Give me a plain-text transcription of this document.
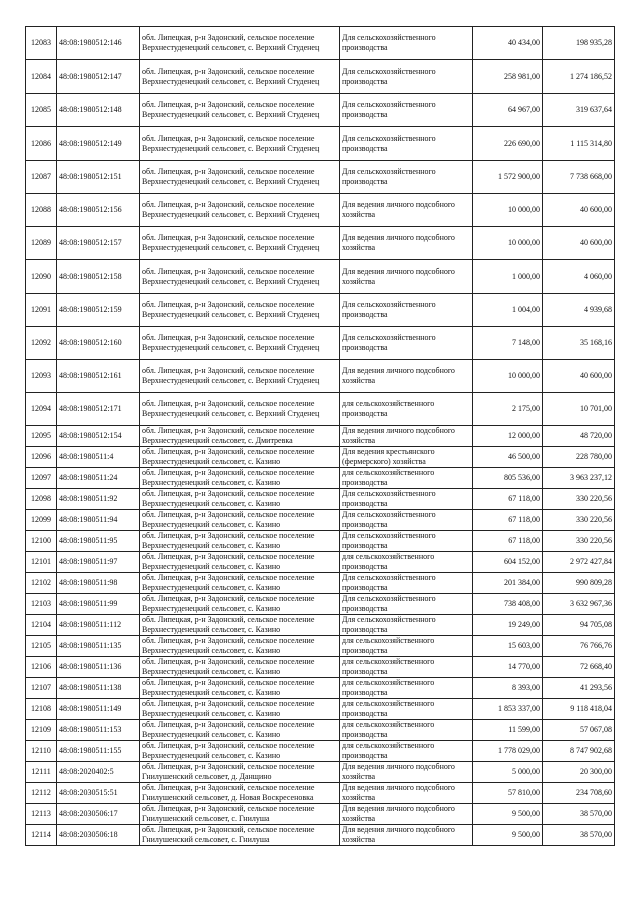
12083	48:08:1980512:146	обл. Липецкая, р-н Задонский, сельское поселение
Верхнестуденецкий сельсовет, с. Верхний Студенец	Для сельскохозяйственного
производства	40 434,00	198 935,28
12084	48:08:1980512:147	обл. Липецкая, р-н Задонский, сельское поселение
Верхнестуденецкий сельсовет, с. Верхний Студенец	Для сельскохозяйственного
производства	258 981,00	1 274 186,52
12085	48:08:1980512:148	обл. Липецкая, р-н Задонский, сельское поселение
Верхнестуденецкий сельсовет, с. Верхний Студенец	Для сельскохозяйственного
производства	64 967,00	319 637,64
12086	48:08:1980512:149	обл. Липецкая, р-н Задонский, сельское поселение
Верхнестуденецкий сельсовет, с. Верхний Студенец	Для сельскохозяйственного
производства	226 690,00	1 115 314,80
12087	48:08:1980512:151	обл. Липецкая, р-н Задонский, сельское поселение
Верхнестуденецкий сельсовет, с. Верхний Студенец	Для сельскохозяйственного
производства	1 572 900,00	7 738 668,00
12088	48:08:1980512:156	обл. Липецкая, р-н Задонский, сельское поселение
Верхнестуденецкий сельсовет, с. Верхний Студенец	Для ведения личного подсобного
хозяйства	10 000,00	40 600,00
12089	48:08:1980512:157	обл. Липецкая, р-н Задонский, сельское поселение
Верхнестуденецкий сельсовет, с. Верхний Студенец	Для ведения личного подсобного
хозяйства	10 000,00	40 600,00
12090	48:08:1980512:158	обл. Липецкая, р-н Задонский, сельское поселение
Верхнестуденецкий сельсовет, с. Верхний Студенец	Для ведения личного подсобного
хозяйства	1 000,00	4 060,00
12091	48:08:1980512:159	обл. Липецкая, р-н Задонский, сельское поселение
Верхнестуденецкий сельсовет, с. Верхний Студенец	Для сельскохозяйственного
производства	1 004,00	4 939,68
12092	48:08:1980512:160	обл. Липецкая, р-н Задонский, сельское поселение
Верхнестуденецкий сельсовет, с. Верхний Студенец	Для сельскохозяйственного
производства	7 148,00	35 168,16
12093	48:08:1980512:161	обл. Липецкая, р-н Задонский, сельское поселение
Верхнестуденецкий сельсовет, с. Верхний Студенец	Для ведения личного подсобного
хозяйства	10 000,00	40 600,00
12094	48:08:1980512:171	обл. Липецкая, р-н Задонский, сельское поселение
Верхнестуденецкий сельсовет, с. Верхний Студенец	для сельскохозяйственного
производства	2 175,00	10 701,00
12095	48:08:1980512:154	обл. Липецкая, р-н Задонский, сельское поселение
Верхнестуденецкий сельсовет, с. Дмитревка	Для ведения личного подсобного
хозяйства	12 000,00	48 720,00
12096	48:08:1980511:4	обл. Липецкая, р-н Задонский, сельское поселение
Верхнестуденецкий сельсовет, с. Казино	Для ведения крестьянского
(фермерского) хозяйства	46 500,00	228 780,00
12097	48:08:1980511:24	обл. Липецкая, р-н Задонский, сельское поселение
Верхнестуденецкий сельсовет, с. Казино	для сельскохозяйственного
производства	805 536,00	3 963 237,12
12098	48:08:1980511:92	обл. Липецкая, р-н Задонский, сельское поселение
Верхнестуденецкий сельсовет, с. Казино	Для сельскохозяйственного
производства	67 118,00	330 220,56
12099	48:08:1980511:94	обл. Липецкая, р-н Задонский, сельское поселение
Верхнестуденецкий сельсовет, с. Казино	Для сельскохозяйственного
производства	67 118,00	330 220,56
12100	48:08:1980511:95	обл. Липецкая, р-н Задонский, сельское поселение
Верхнестуденецкий сельсовет, с. Казино	Для сельскохозяйственного
производства	67 118,00	330 220,56
12101	48:08:1980511:97	обл. Липецкая, р-н Задонский, сельское поселение
Верхнестуденецкий сельсовет, с. Казино	для сельскохозяйственного
производства	604 152,00	2 972 427,84
12102	48:08:1980511:98	обл. Липецкая, р-н Задонский, сельское поселение
Верхнестуденецкий сельсовет, с. Казино	Для сельскохозяйственного
производства	201 384,00	990 809,28
12103	48:08:1980511:99	обл. Липецкая, р-н Задонский, сельское поселение
Верхнестуденецкий сельсовет, с. Казино	Для сельскохозяйственного
производства	738 408,00	3 632 967,36
12104	48:08:1980511:112	обл. Липецкая, р-н Задонский, сельское поселение
Верхнестуденецкий сельсовет, с. Казино	Для сельскохозяйственного
производства	19 249,00	94 705,08
12105	48:08:1980511:135	обл. Липецкая, р-н Задонский, сельское поселение
Верхнестуденецкий сельсовет, с. Казино	для сельскохозяйственного
производства	15 603,00	76 766,76
12106	48:08:1980511:136	обл. Липецкая, р-н Задонский, сельское поселение
Верхнестуденецкий сельсовет, с. Казино	для сельскохозяйственного
производства	14 770,00	72 668,40
12107	48:08:1980511:138	обл. Липецкая, р-н Задонский, сельское поселение
Верхнестуденецкий сельсовет, с. Казино	для сельскохозяйственного
производства	8 393,00	41 293,56
12108	48:08:1980511:149	обл. Липецкая, р-н Задонский, сельское поселение
Верхнестуденецкий сельсовет, с. Казино	для сельскохозяйственного
производства	1 853 337,00	9 118 418,04
12109	48:08:1980511:153	обл. Липецкая, р-н Задонский, сельское поселение
Верхнестуденецкий сельсовет, с. Казино	для сельскохозяйственного
производства	11 599,00	57 067,08
12110	48:08:1980511:155	обл. Липецкая, р-н Задонский, сельское поселение
Верхнестуденецкий сельсовет, с. Казино	для сельскохозяйственного
производства	1 778 029,00	8 747 902,68
12111	48:08:2020402:5	обл. Липецкая, р-н Задонский, сельское поселение
Гнилушенский сельсовет, д. Данщино	Для ведения личного подсобного
хозяйства	5 000,00	20 300,00
12112	48:08:2030515:51	обл. Липецкая, р-н Задонский, сельское поселение
Гнилушенский сельсовет, д. Новая Воскресеновка	Для ведения личного подсобного
хозяйства	57 810,00	234 708,60
12113	48:08:2030506:17	обл. Липецкая, р-н Задонский, сельское поселение
Гнилушенский сельсовет, с. Гнилуша	Для ведения личного подсобного
хозяйства	9 500,00	38 570,00
12114	48:08:2030506:18	обл. Липецкая, р-н Задонский, сельское поселение
Гнилушенский сельсовет, с. Гнилуша	Для ведения личного подсобного
хозяйства	9 500,00	38 570,00
